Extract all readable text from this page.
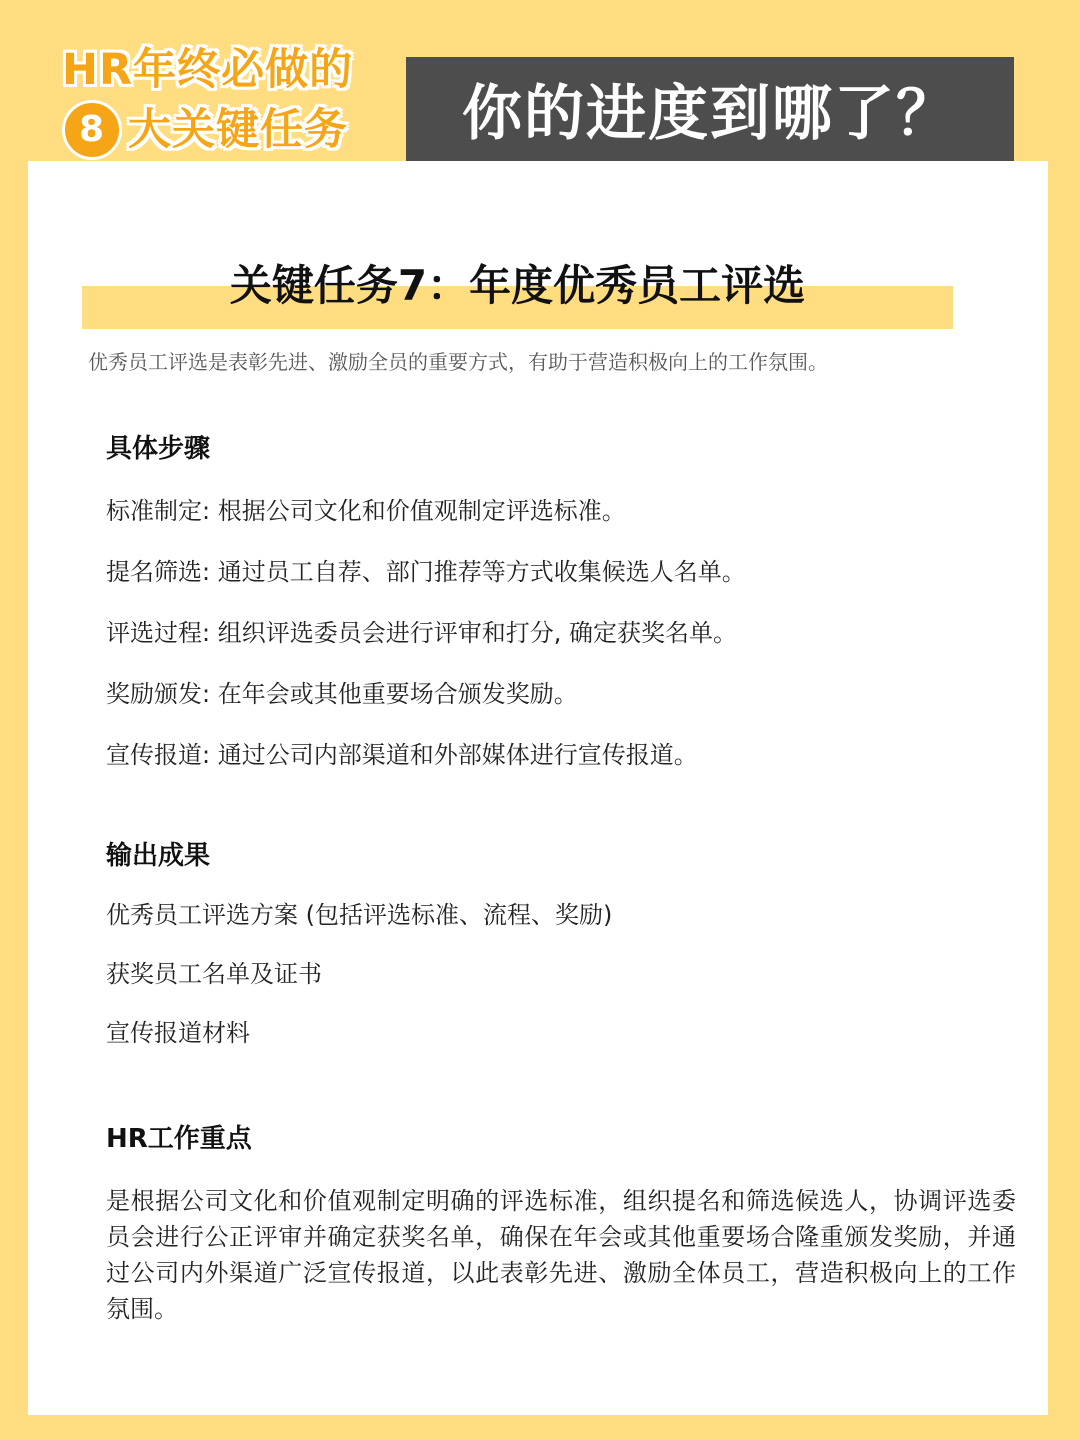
HR年终必做的
8 大关键任务 你的进度到哪了？
关键任务7：年度优秀员工评选
优秀员工评选是表彰先进、激励全员的重要方式，有助于营造积极向上的工作氛围。
具体步骤
标准制定: 根据公司文化和价值观制定评选标准。
提名筛选: 通过员工自荐、部门推荐等方式收集候选人名单。
评选过程: 组织评选委员会进行评审和打分, 确定获奖名单。
奖励颁发: 在年会或其他重要场合颁发奖励。
宣传报道: 通过公司内部渠道和外部媒体进行宣传报道。
输出成果
优秀员工评选方案 (包括评选标准、流程、奖励)
获奖员工名单及证书
宣传报道材料
HR工作重点
是根据公司文化和价值观制定明确的评选标准，组织提名和筛选候选人，协调评选委员会进行公正评审并确定获奖名单，确保在年会或其他重要场合隆重颁发奖励，并通过公司内外渠道广泛宣传报道，以此表彰先进、激励全体员工，营造积极向上的工作氛围。
